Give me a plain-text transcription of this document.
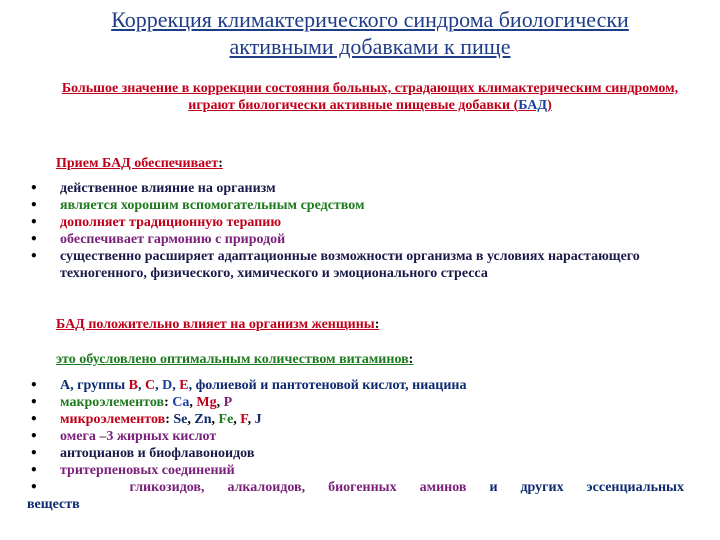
Коррекция климактерического синдрома биологически
активными добавками к пище
Большое значение в коррекции состояния больных, страдающих климактерическим синдромом, играют биологически активные пищевые добавки (БАД)
Прием БАД обеспечивает:
• действенное влияние на организм
• является хорошим вспомогательным средством
• дополняет традиционную терапию
• обеспечивает гармонию с природой
• существенно расширяет адаптационные возможности организма в условиях нарастающего техногенного, физического, химического и эмоционального стресса
БАД положительно влияет на организм женщины:
это обусловлено оптимальным количеством витаминов:
• А, группы В, С, D, Е, фолиевой и пантотеновой кислот, ниацина
• макроэлементов: Са, Mg, P
• микроэлементов: Se, Zn, Fe, F, J
• омега –3 жирных кислот
• антоцианов и биофлавоноидов
• тритерпеновых соединений
•	гликозидов, алкалоидов, биогенных аминов и других эссенциальных
веществ
